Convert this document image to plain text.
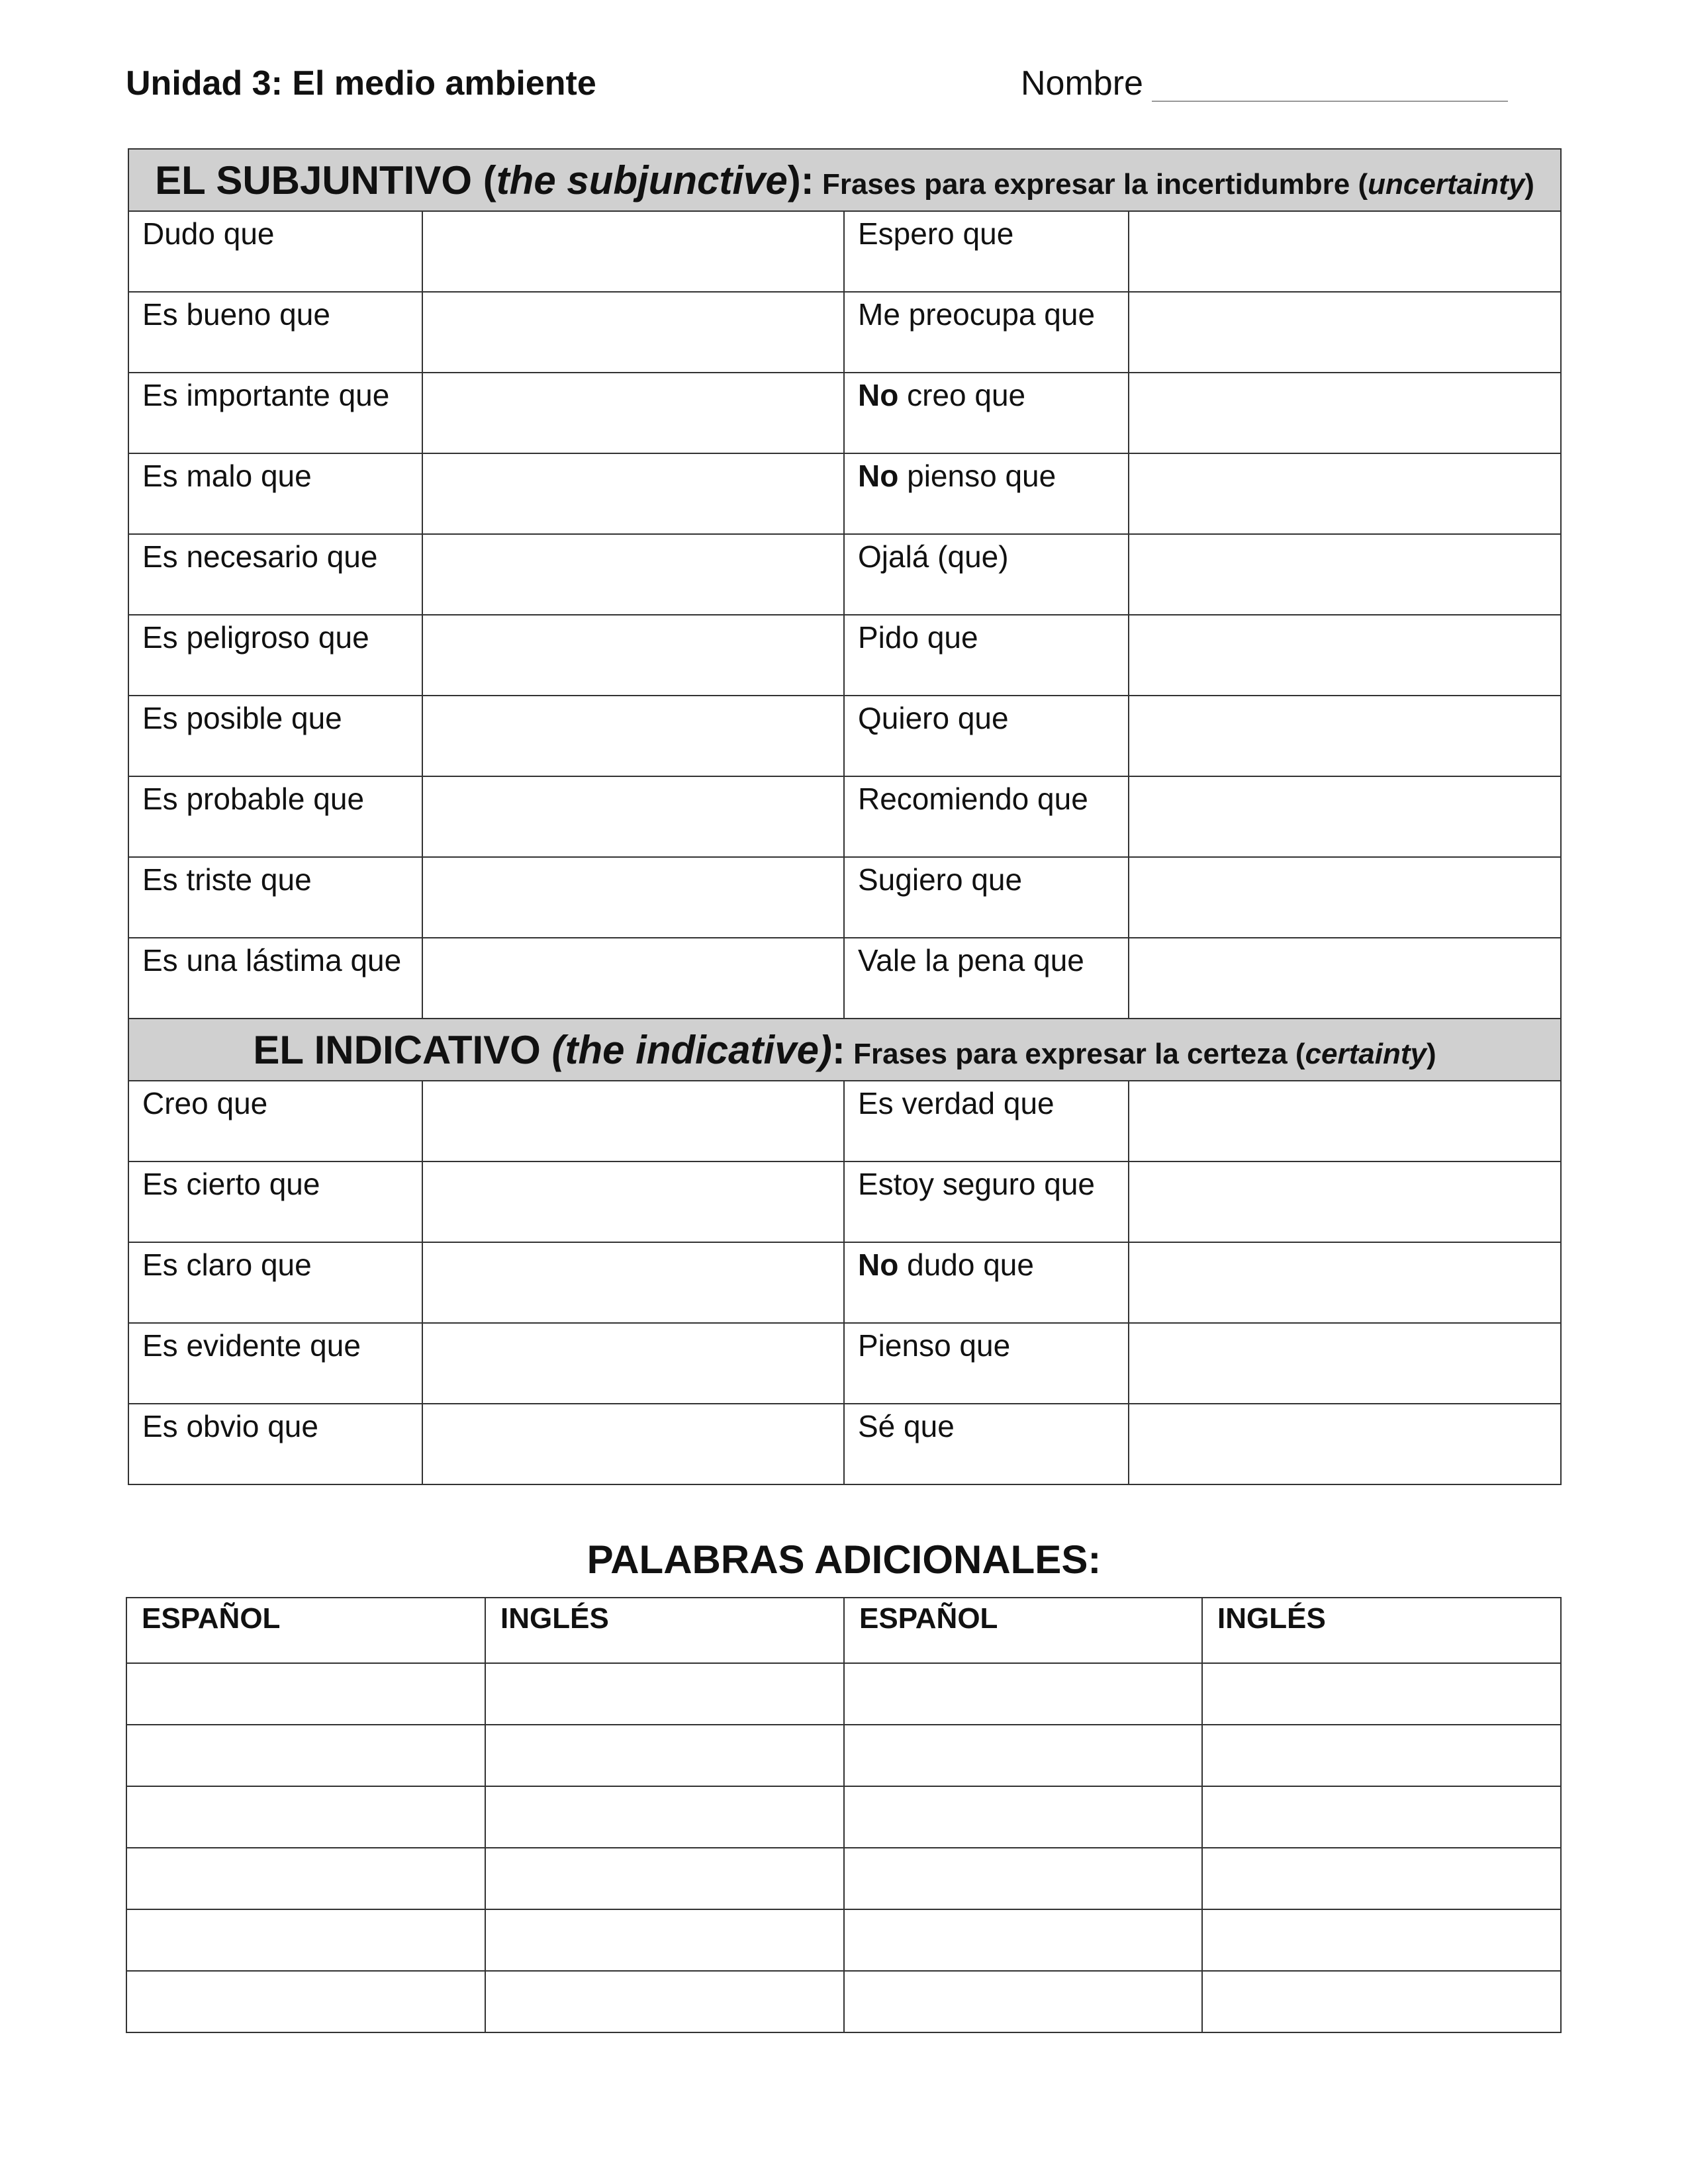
Unidad 3: El medio ambiente	Nombre
EL SUBJUNTIVO (the subjunctive): Frases para expresar la incertidumbre (uncertainty)			

Dudo que		Espero que	

Es bueno que		Me preocupa que	

Es importante que		No creo que	

Es malo que		No pienso que	

Es necesario que		Ojalá (que)	

Es peligroso que		Pido que	

Es posible que		Quiero que	

Es probable que		Recomiendo que	

Es triste que		Sugiero que	

Es una lástima que		Vale la pena que	

EL INDICATIVO (the indicative): Frases para expresar la certeza (certainty)			

Creo que		Es verdad que	

Es cierto que		Estoy seguro que	

Es claro que		No dudo que	

Es evidente que		Pienso que	

Es obvio que		Sé que	

PALABRAS ADICIONALES:
ESPAÑOL	INGLÉS	ESPAÑOL	INGLÉS
